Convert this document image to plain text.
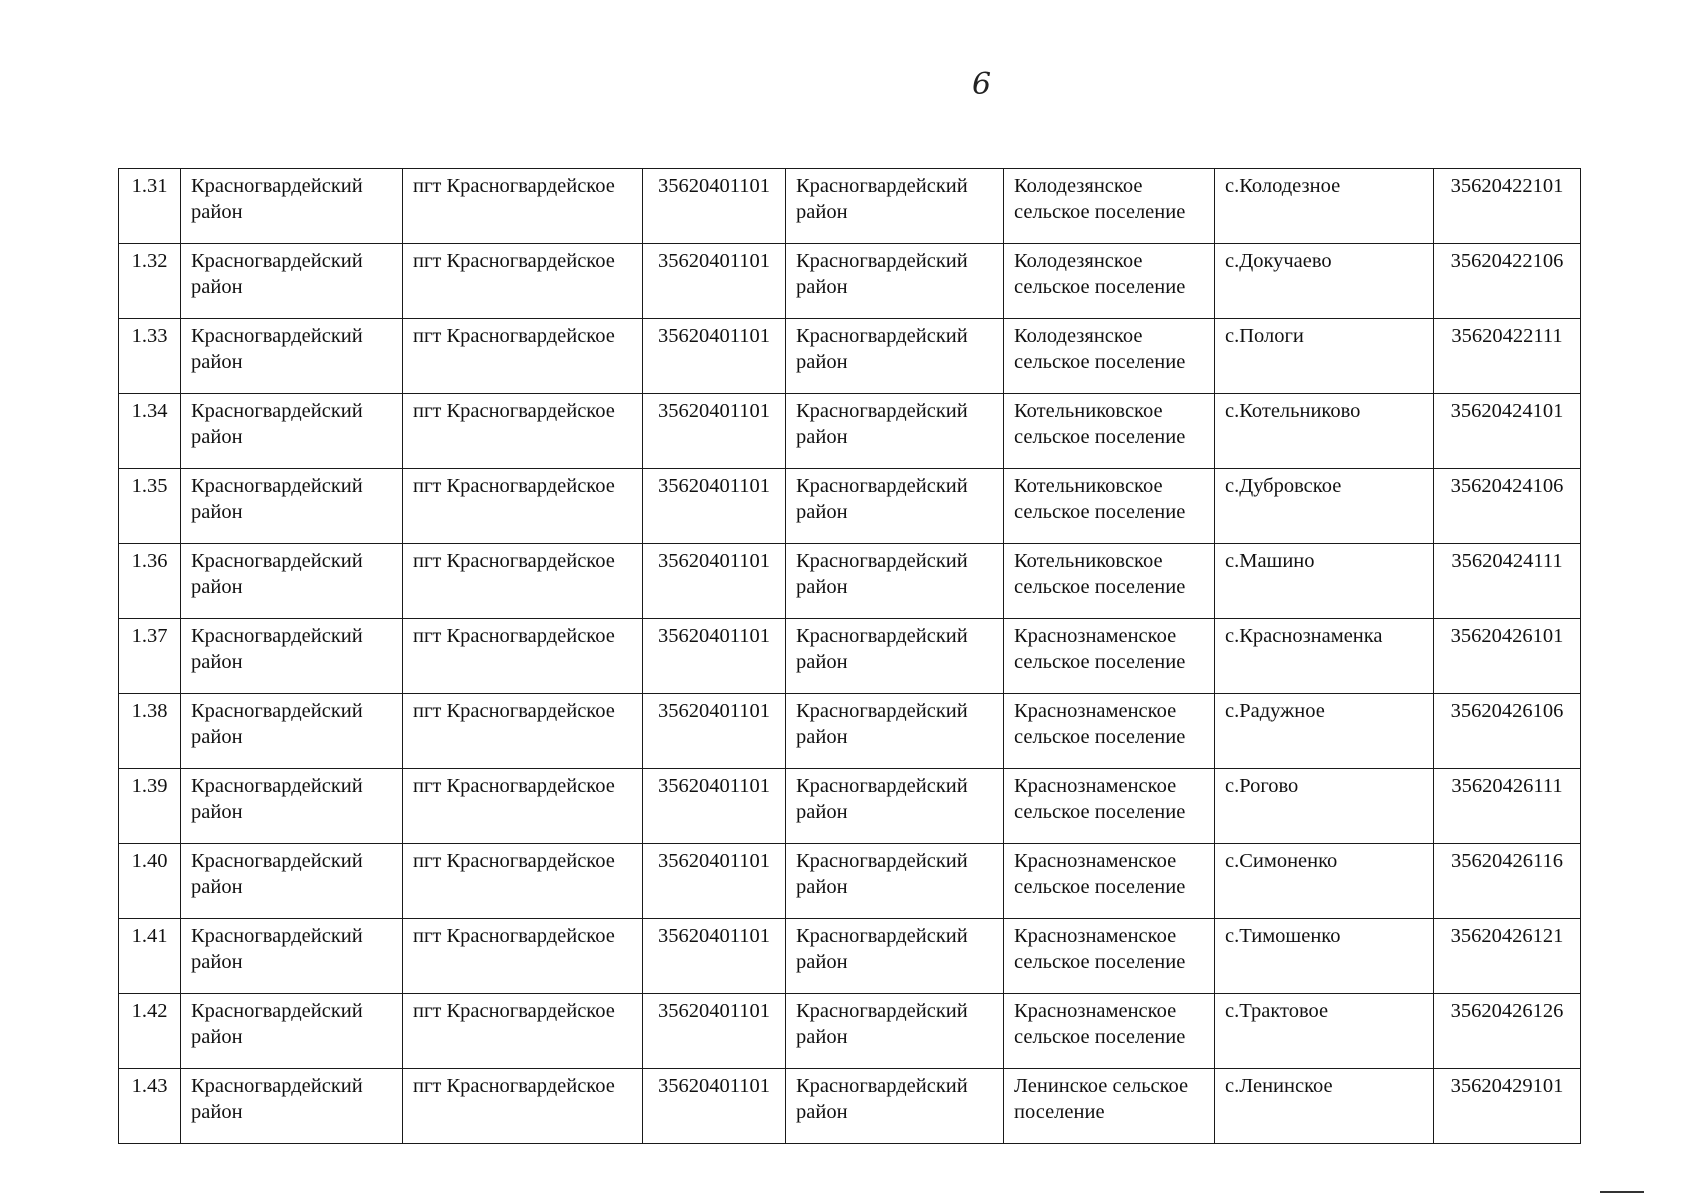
6
1.31	Красногвардейский район	пгт Красногвардейское	35620401101	Красногвардейский район	Колодезянское сельское поселение	с.Колодезное	35620422101
1.32	Красногвардейский район	пгт Красногвардейское	35620401101	Красногвардейский район	Колодезянское сельское поселение	с.Докучаево	35620422106
1.33	Красногвардейский район	пгт Красногвардейское	35620401101	Красногвардейский район	Колодезянское сельское поселение	с.Пологи	35620422111
1.34	Красногвардейский район	пгт Красногвардейское	35620401101	Красногвардейский район	Котельниковское сельское поселение	с.Котельниково	35620424101
1.35	Красногвардейский район	пгт Красногвардейское	35620401101	Красногвардейский район	Котельниковское сельское поселение	с.Дубровское	35620424106
1.36	Красногвардейский район	пгт Красногвардейское	35620401101	Красногвардейский район	Котельниковское сельское поселение	с.Машино	35620424111
1.37	Красногвардейский район	пгт Красногвардейское	35620401101	Красногвардейский район	Краснознаменское сельское поселение	с.Краснознаменка	35620426101
1.38	Красногвардейский район	пгт Красногвардейское	35620401101	Красногвардейский район	Краснознаменское сельское поселение	с.Радужное	35620426106
1.39	Красногвардейский район	пгт Красногвардейское	35620401101	Красногвардейский район	Краснознаменское сельское поселение	с.Рогово	35620426111
1.40	Красногвардейский район	пгт Красногвардейское	35620401101	Красногвардейский район	Краснознаменское сельское поселение	с.Симоненко	35620426116
1.41	Красногвардейский район	пгт Красногвардейское	35620401101	Красногвардейский район	Краснознаменское сельское поселение	с.Тимошенко	35620426121
1.42	Красногвардейский район	пгт Красногвардейское	35620401101	Красногвардейский район	Краснознаменское сельское поселение	с.Трактовое	35620426126
1.43	Красногвардейский район	пгт Красногвардейское	35620401101	Красногвардейский район	Ленинское сельское поселение	с.Ленинское	35620429101
